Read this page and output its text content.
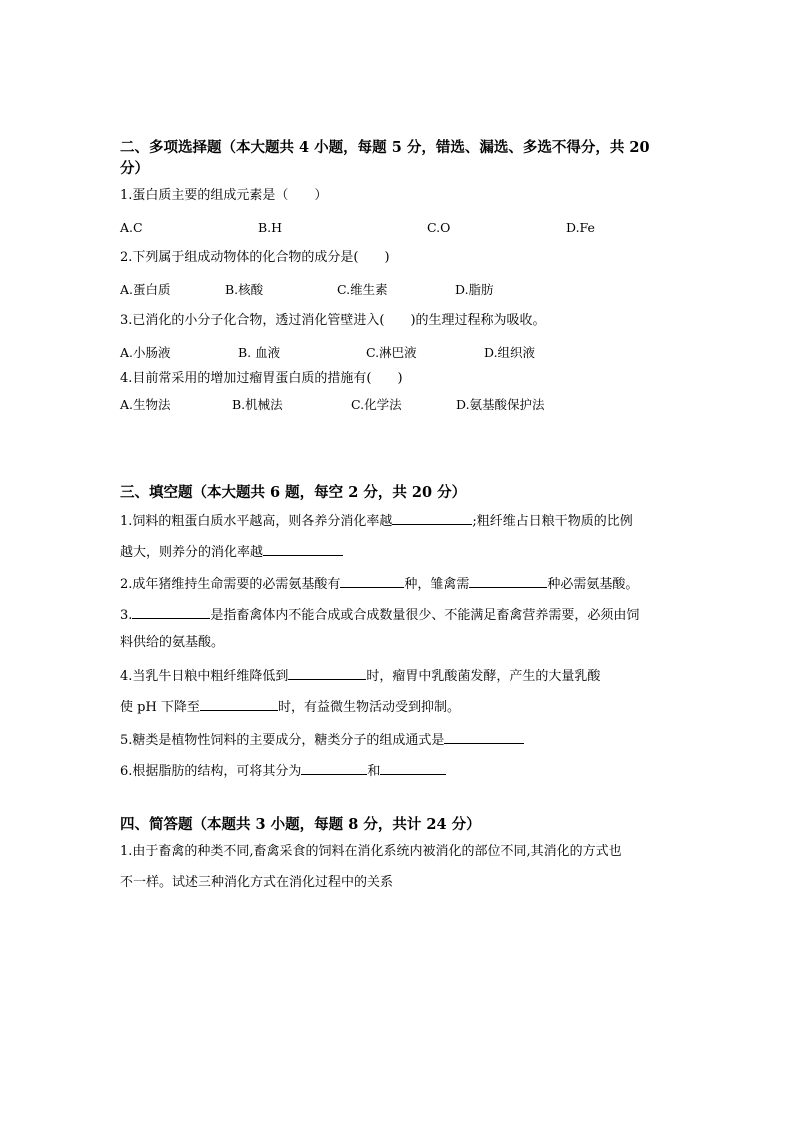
二、多项选择题（本大题共 4 小题，每题 5 分，错选、漏选、多选不得分，共 20
分）
1.蛋白质主要的组成元素是（　　）
A.C	B.H	C.O	D.Fe
2.下列属于组成动物体的化合物的成分是(　　)
A.蛋白质	B.核酸	C.维生素	D.脂肪
3.已消化的小分子化合物，透过消化管壁进入(　　)的生理过程称为吸收。
A.小肠液	B. 血液	C.淋巴液	D.组织液
4.目前常采用的增加过瘤胃蛋白质的措施有(　　)
A.生物法	B.机械法	C.化学法	D.氨基酸保护法
三、填空题（本大题共 6 题，每空 2 分，共 20 分）
1.饲料的粗蛋白质水平越高，则各养分消化率越	;粗纤维占日粮干物质的比例
越大，则养分的消化率越
2.成年猪维持生命需要的必需氨基酸有	种，雏禽需	种必需氨基酸。
3.	是指畜禽体内不能合成或合成数量很少、不能满足畜禽营养需要，必须由饲
料供给的氨基酸。
4.当乳牛日粮中粗纤维降低到	时，瘤胃中乳酸菌发酵，产生的大量乳酸
使 pH 下降至	时，有益微生物活动受到抑制。
5.糖类是植物性饲料的主要成分，糖类分子的组成通式是
6.根据脂肪的结构，可将其分为	和
四、简答题（本题共 3 小题，每题 8 分，共计 24 分）
1.由于畜禽的种类不同,畜禽采食的饲料在消化系统内被消化的部位不同,其消化的方式也
不一样。试述三种消化方式在消化过程中的关系
